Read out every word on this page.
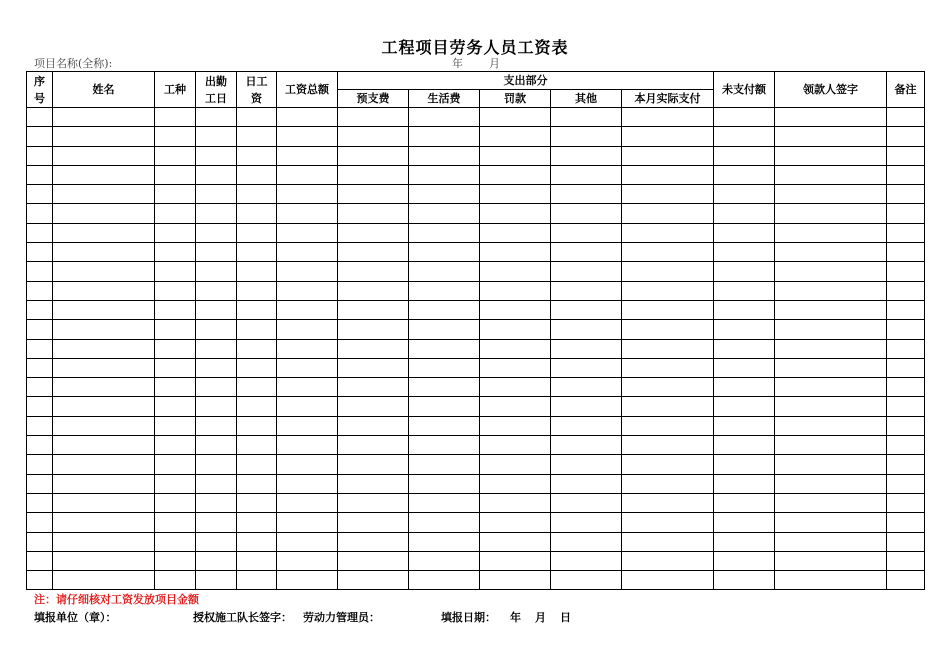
工程项目劳务人员工资表
项目名称(全称):	年 月
序号	姓名	工种	出勤工日	日工资	工资总额	支出部分					未支付额	领款人签字	备注
						预支费	生活费	罚款	其他	本月实际支付			

注：请仔细核对工资发放项目金额
填报单位（章）：	授权施工队长签字： 劳动力管理员：	填报日期： 年 月 日
